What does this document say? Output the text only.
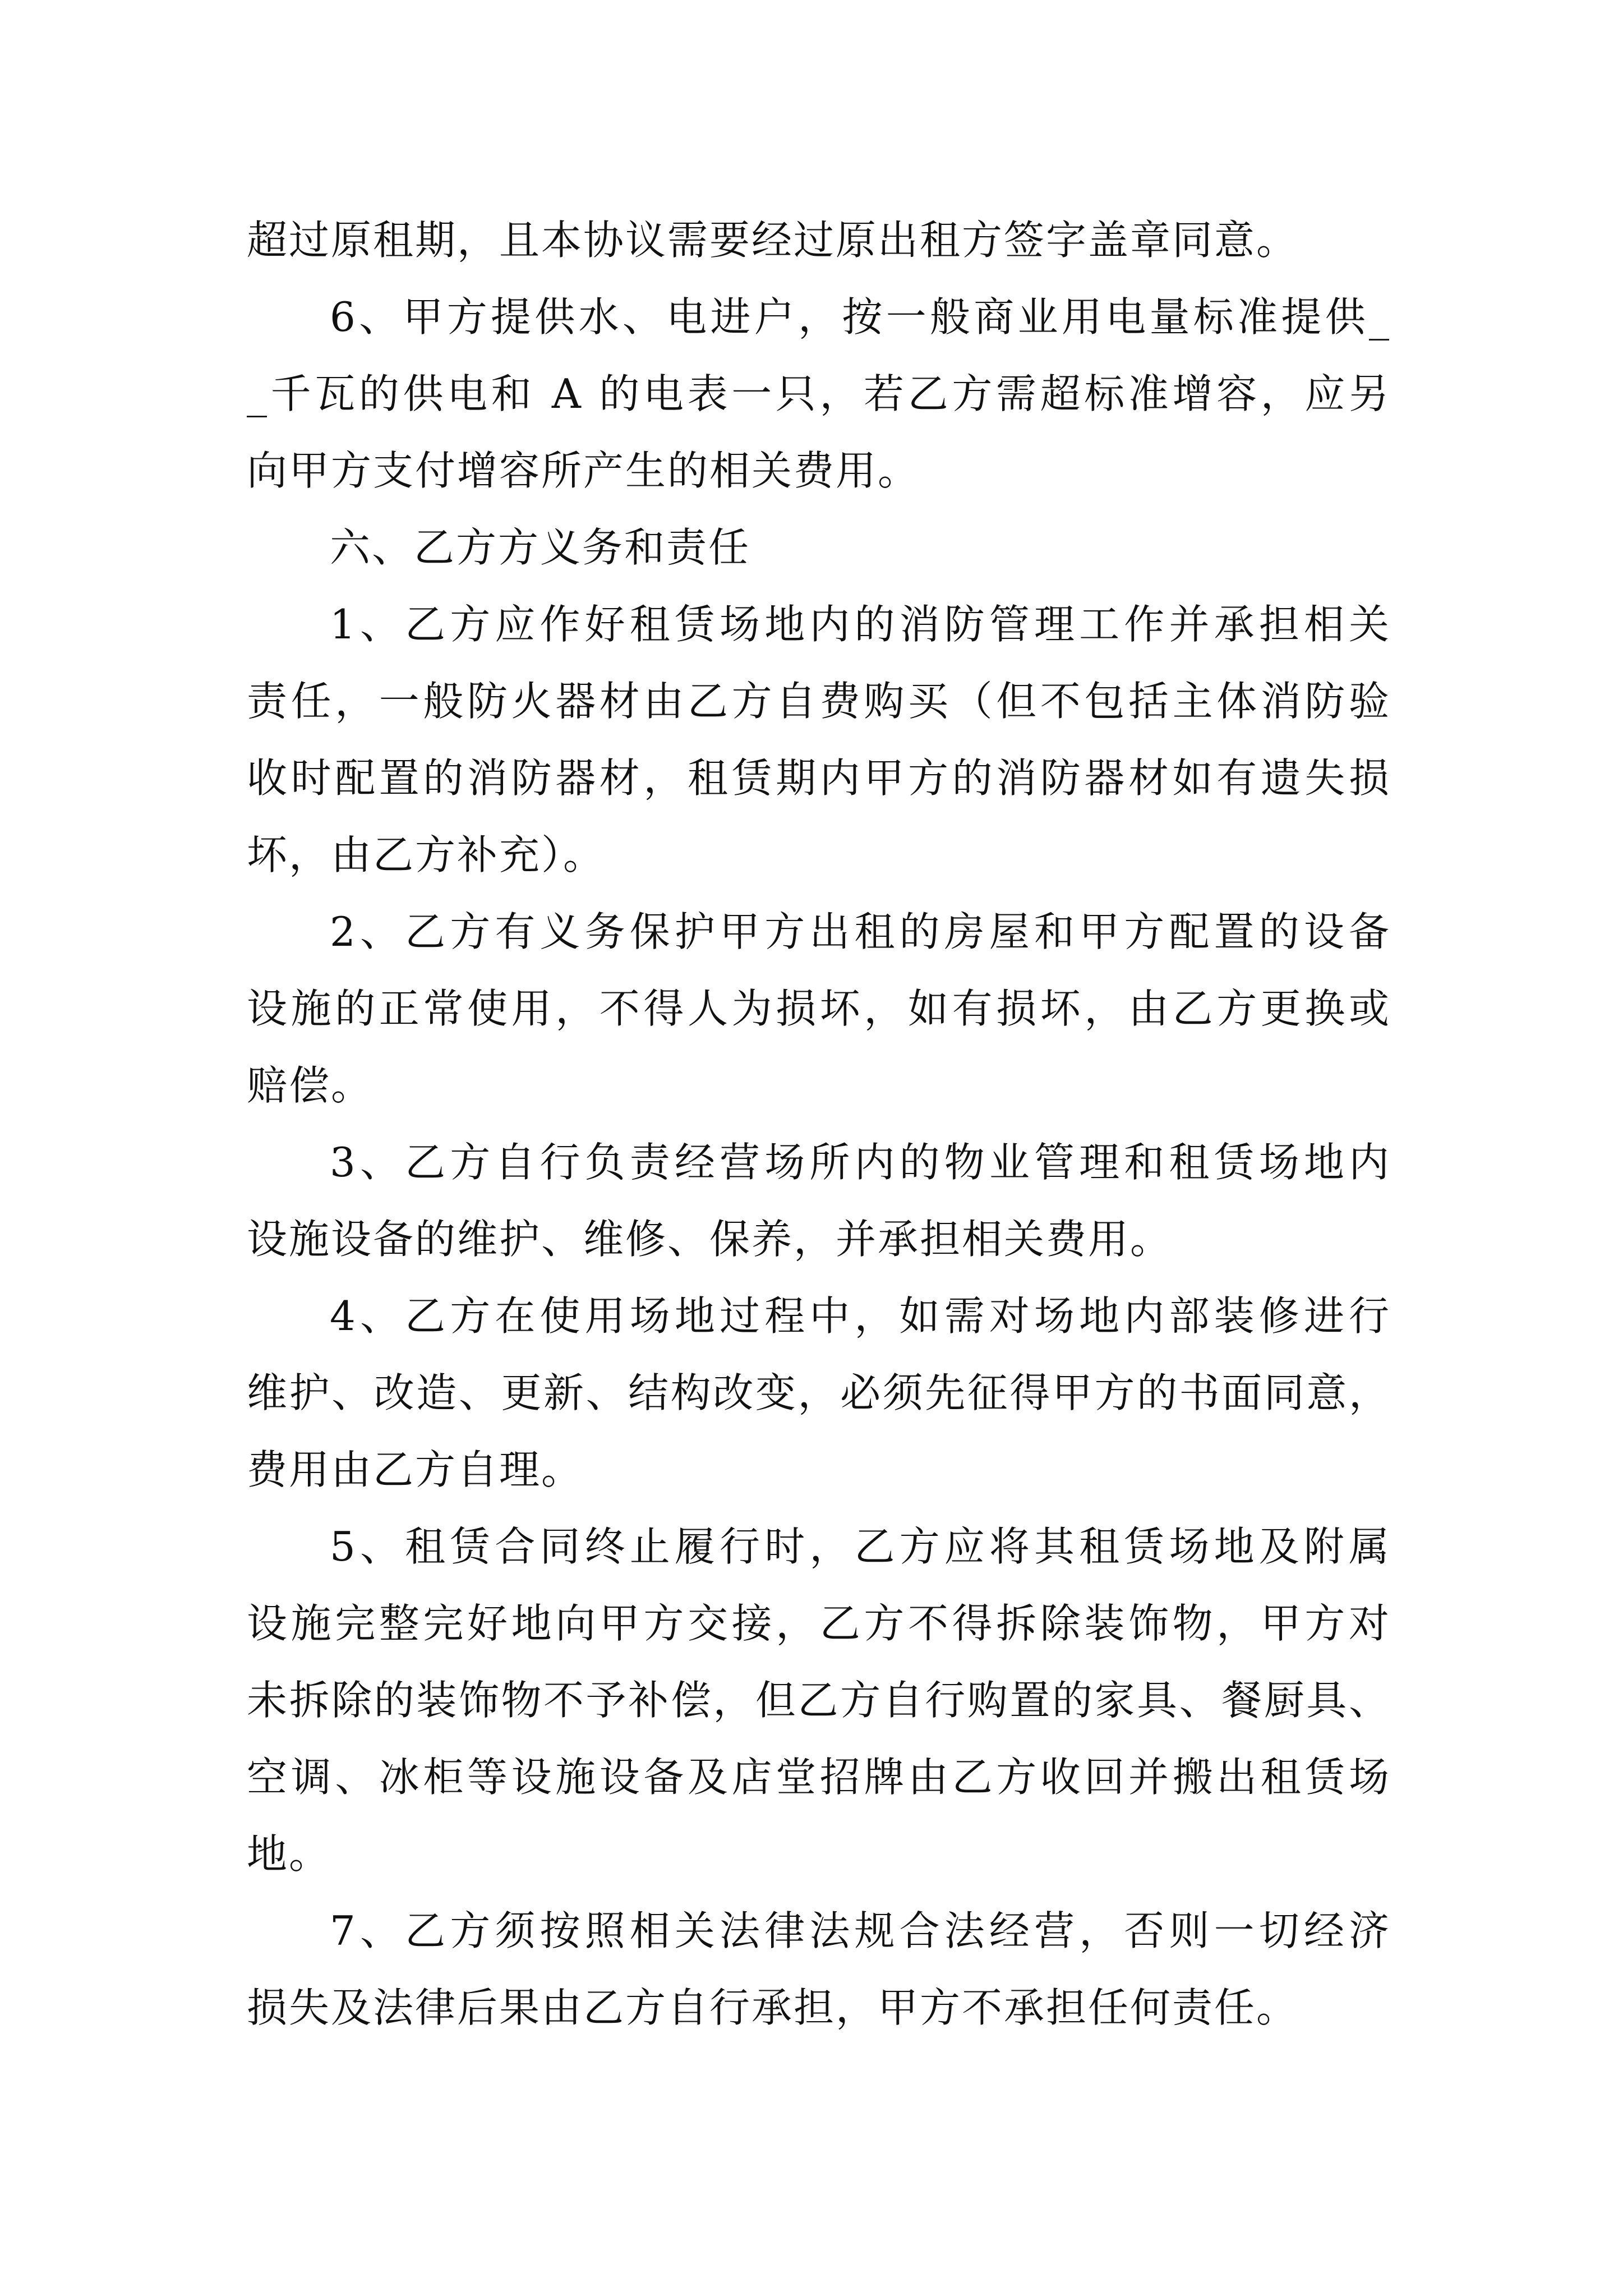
超过原租期，且本协议需要经过原出租方签字盖章同意。
6、甲方提供水、电进户，按一般商业用电量标准提供_
_千瓦的供电和 A 的电表一只，若乙方需超标准增容，应另
向甲方支付增容所产生的相关费用。
六、乙方方义务和责任
1、乙方应作好租赁场地内的消防管理工作并承担相关
责任，一般防火器材由乙方自费购买（但不包括主体消防验
收时配置的消防器材，租赁期内甲方的消防器材如有遗失损
坏，由乙方补充）。
2、乙方有义务保护甲方出租的房屋和甲方配置的设备
设施的正常使用，不得人为损坏，如有损坏，由乙方更换或
赔偿。
3、乙方自行负责经营场所内的物业管理和租赁场地内
设施设备的维护、维修、保养，并承担相关费用。
4、乙方在使用场地过程中，如需对场地内部装修进行
维护、改造、更新、结构改变，必须先征得甲方的书面同意，
费用由乙方自理。
5、租赁合同终止履行时，乙方应将其租赁场地及附属
设施完整完好地向甲方交接，乙方不得拆除装饰物，甲方对
未拆除的装饰物不予补偿，但乙方自行购置的家具、餐厨具、
空调、冰柜等设施设备及店堂招牌由乙方收回并搬出租赁场
地。
7、乙方须按照相关法律法规合法经营，否则一切经济
损失及法律后果由乙方自行承担，甲方不承担任何责任。
